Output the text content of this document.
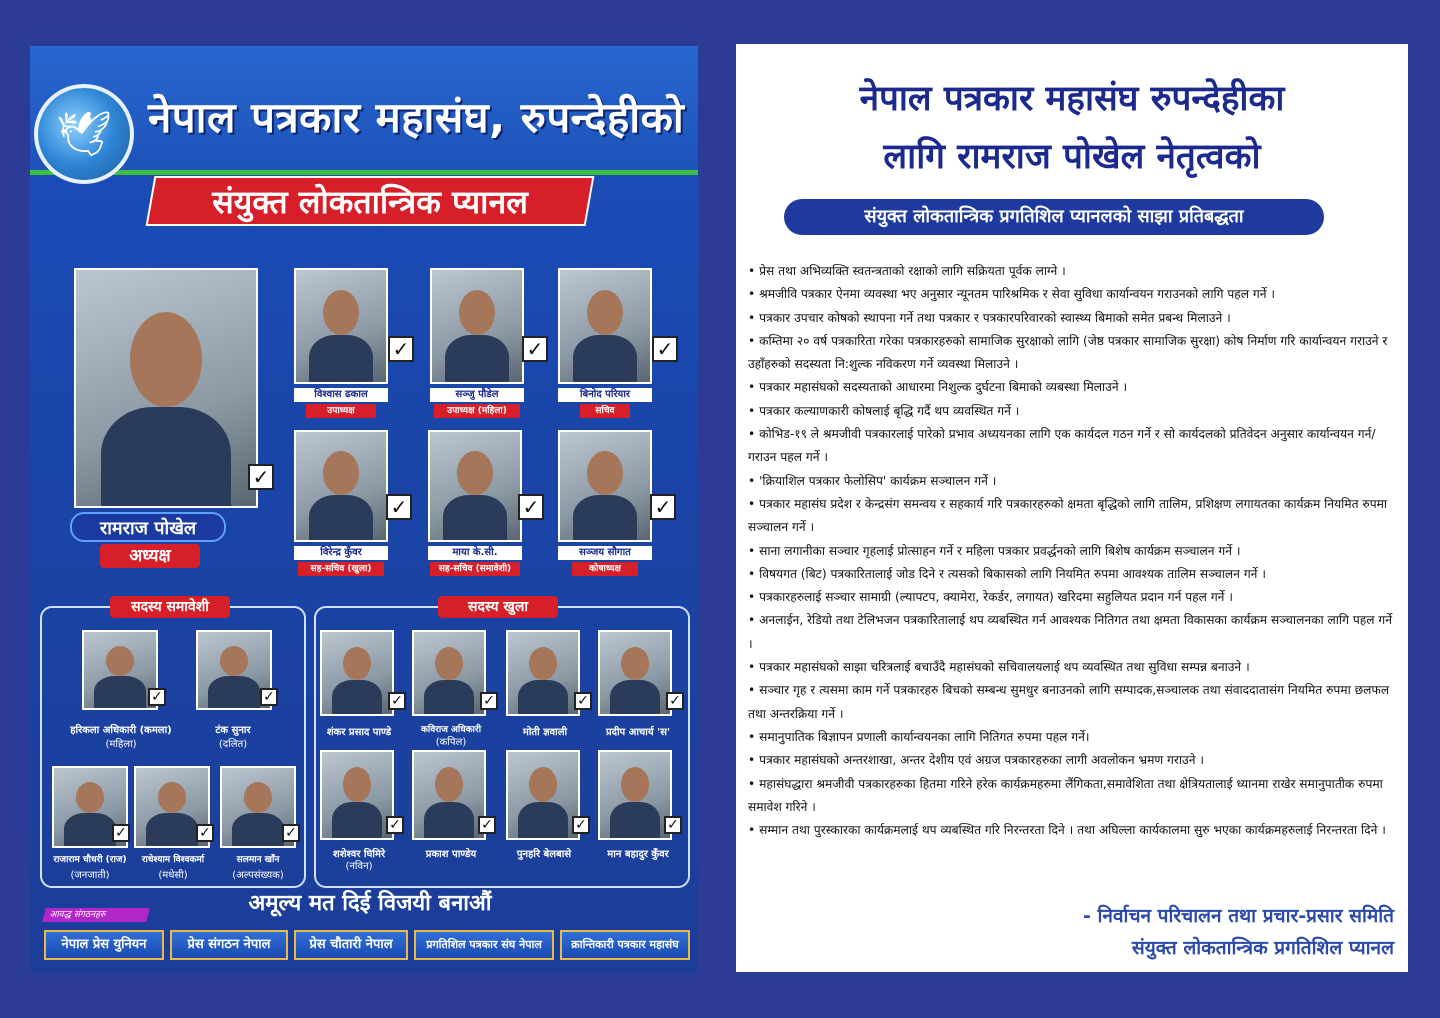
🕊 नेपाल पत्रकार महासंघ, रुपन्देहीको
संयुक्त लोकतान्त्रिक प्यानल
✓
रामराज पोखेल
अध्यक्ष
✓
विश्वास ढकाल
उपाध्यक्ष
✓
सञ्जु पौडेल
उपाध्यक्ष (महिला)
✓
बिनोद परियार
सचिव
✓
विरेन्द्र कुँवर
सह-सचिव (खुला)
✓
माया के.सी.
सह-सचिव (समावेशी)
✓
सञ्जय सौगात
कोषाध्यक्ष
सदस्य समावेशी
✓
हरिकला अधिकारी (कमला)
(महिला)
✓
टंक सुनार
(दलित)
✓
राजाराम चौधरी (राज)
(जनजाती)
✓
राधेश्याम विश्वकर्मा
(मधेसी)
✓
सलमान खाँन
(अल्पसंख्यक)
सदस्य खुला
✓
शंकर प्रसाद पाण्डे
✓
कविराज अधिकारी
(कपिल)
✓
मोती ज्ञवाली
✓
प्रदीप आचार्य 'स'
✓
शशेश्वर घिमिरे
(नविन)
✓
प्रकाश पाण्डेय
✓
पुनहरि बेलबासे
✓
मान बहादुर कुँवर
अमूल्य मत दिई विजयी बनाऔं
आवद्ध संगठनहरु
नेपाल प्रेस युनियन	प्रेस संगठन नेपाल	प्रेस चौतारी नेपाल	प्रगतिशिल पत्रकार संघ नेपाल	क्रान्तिकारी पत्रकार महासंघ
नेपाल पत्रकार महासंघ रुपन्देहीका
लागि रामराज पोखेल नेतृत्वको
संयुक्त लोकतान्त्रिक प्रगतिशिल प्यानलको साझा प्रतिबद्धता
• प्रेस तथा अभिव्यक्ति स्वतन्त्रताको रक्षाको लागि सक्रियता पूर्वक लाग्ने ।
• श्रमजीवि पत्रकार ऐनमा व्यवस्था भए अनुसार न्यूनतम पारिश्रमिक र सेवा सुविधा कार्यान्वयन गराउनको लागि पहल गर्ने ।
• पत्रकार उपचार कोषको स्थापना गर्ने तथा पत्रकार र पत्रकारपरिवारको स्वास्थ्य बिमाको समेत प्रबन्ध मिलाउने ।
• कम्तिमा २० वर्ष पत्रकारिता गरेका पत्रकारहरुको सामाजिक सुरक्षाको लागि (जेष्ठ पत्रकार सामाजिक सुरक्षा) कोष निर्माण गरि कार्यान्वयन गराउने र उहाँहरुको सदस्यता नि:शुल्क नविकरण गर्ने व्यवस्था मिलाउने ।
• पत्रकार महासंघको सदस्यताको आधारमा निशुल्क दुर्घटना बिमाको व्यबस्था मिलाउने ।
• पत्रकार कल्याणकारी कोषलाई बृद्धि गर्दै थप व्यवस्थित गर्ने ।
• कोभिड-१९ ले श्रमजीवी पत्रकारलाई पारेको प्रभाव अध्ययनका लागि एक कार्यदल गठन गर्ने र सो कार्यदलको प्रतिवेदन अनुसार कार्यान्वयन गर्न/गराउन पहल गर्ने ।
• 'क्रियाशिल पत्रकार फेलोसिप' कार्यक्रम सञ्चालन गर्ने ।
• पत्रकार महासंघ प्रदेश र केन्द्रसंग समन्वय र सहकार्य गरि पत्रकारहरुको क्षमता बृद्धिको लागि तालिम, प्रशिक्षण लगायतका कार्यक्रम नियमित रुपमा सञ्चालन गर्ने ।
• साना लगानीका सञ्चार गृहलाई प्रोत्साहन गर्ने र महिला पत्रकार प्रवर्द्धनको लागि बिशेष कार्यक्रम सञ्चालन गर्ने ।
• विषयगत (बिट) पत्रकारितालाई जोड दिने र त्यसको बिकासको लागि नियमित रुपमा आवश्यक तालिम सञ्चालन गर्ने ।
• पत्रकारहरुलाई सञ्चार सामाग्री (ल्यापटप, क्यामेरा, रेकर्डर, लगायत) खरिदमा सहुलियत प्रदान गर्न पहल गर्ने ।
• अनलाईन, रेडियो तथा टेलिभजन पत्रकारितालाई थप व्यबस्थित गर्न आवश्यक नितिगत तथा क्षमता विकासका कार्यक्रम सञ्चालनका लागि पहल गर्ने ।
• पत्रकार महासंघको साझा चरित्रलाई बचाउँदै महासंघको सचिवालयलाई थप व्यवस्थित तथा सुविधा सम्पन्न बनाउने ।
• सञ्चार गृह र त्यसमा काम गर्ने पत्रकारहरु बिचको सम्बन्ध सुमधुर बनाउनको लागि सम्पादक,सञ्चालक तथा संवाददातासंग नियमित रुपमा छलफल तथा अन्तरक्रिया गर्ने ।
• समानुपातिक बिज्ञापन प्रणाली कार्यान्वयनका लागि नितिगत रुपमा पहल गर्ने।
• पत्रकार महासंघको अन्तरशाखा, अन्तर देशीय एवं अग्रज पत्रकारहरुका लागी अवलोकन भ्रमण गराउने ।
• महासंघद्धारा श्रमजीवी पत्रकारहरुका हितमा गरिने हरेक कार्यक्रमहरुमा लैंगिकता,समावेशिता तथा क्षेत्रियतालाई ध्यानमा राखेर समानुपातीक रुपमा समावेश गरिने ।
• सम्मान तथा पुरस्कारका कार्यक्रमलाई थप व्यबस्थित गरि निरन्तरता दिने । तथा अघिल्ला कार्यकालमा सुरु भएका कार्यक्रमहरुलाई निरन्तरता दिने ।
- निर्वाचन परिचालन तथा प्रचार-प्रसार समिति
संयुक्त लोकतान्त्रिक प्रगतिशिल प्यानल
